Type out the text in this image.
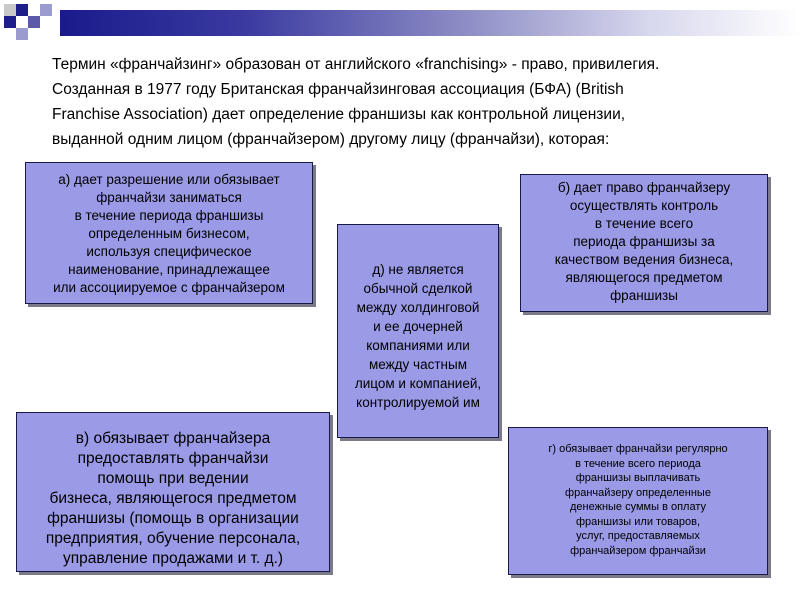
Термин «франчайзинг» образован от английского «franchising» - право, привилегия.
Созданная в 1977 году Британская франчайзинговая ассоциация (БФА) (British
Franchise Association) дает определение франшизы как контрольной лицензии,
выданной одним лицом (франчайзером) другому лицу (франчайзи), которая:

а) дает разрешение или обязывает
франчайзи заниматься
в течение периода франшизы
определенным бизнесом,
используя специфическое
наименование, принадлежащее
или ассоциируемое с франчайзером
б) дает право франчайзеру
осуществлять контроль
в течение всего
периода франшизы за
качеством ведения бизнеса,
являющегося предметом
франшизы
д) не является
обычной сделкой
между холдинговой
и ее дочерней
компаниями или
между частным
лицом и компанией,
контролируемой им
в) обязывает франчайзера
предоставлять франчайзи
помощь при ведении
бизнеса, являющегося предметом
франшизы (помощь в организации
предприятия, обучение персонала,
управление продажами и т. д.)
г) обязывает франчайзи регулярно
в течение всего периода
франшизы выплачивать
франчайзеру определенные
денежные суммы в оплату
франшизы или товаров,
услуг, предоставляемых
франчайзером франчайзи
